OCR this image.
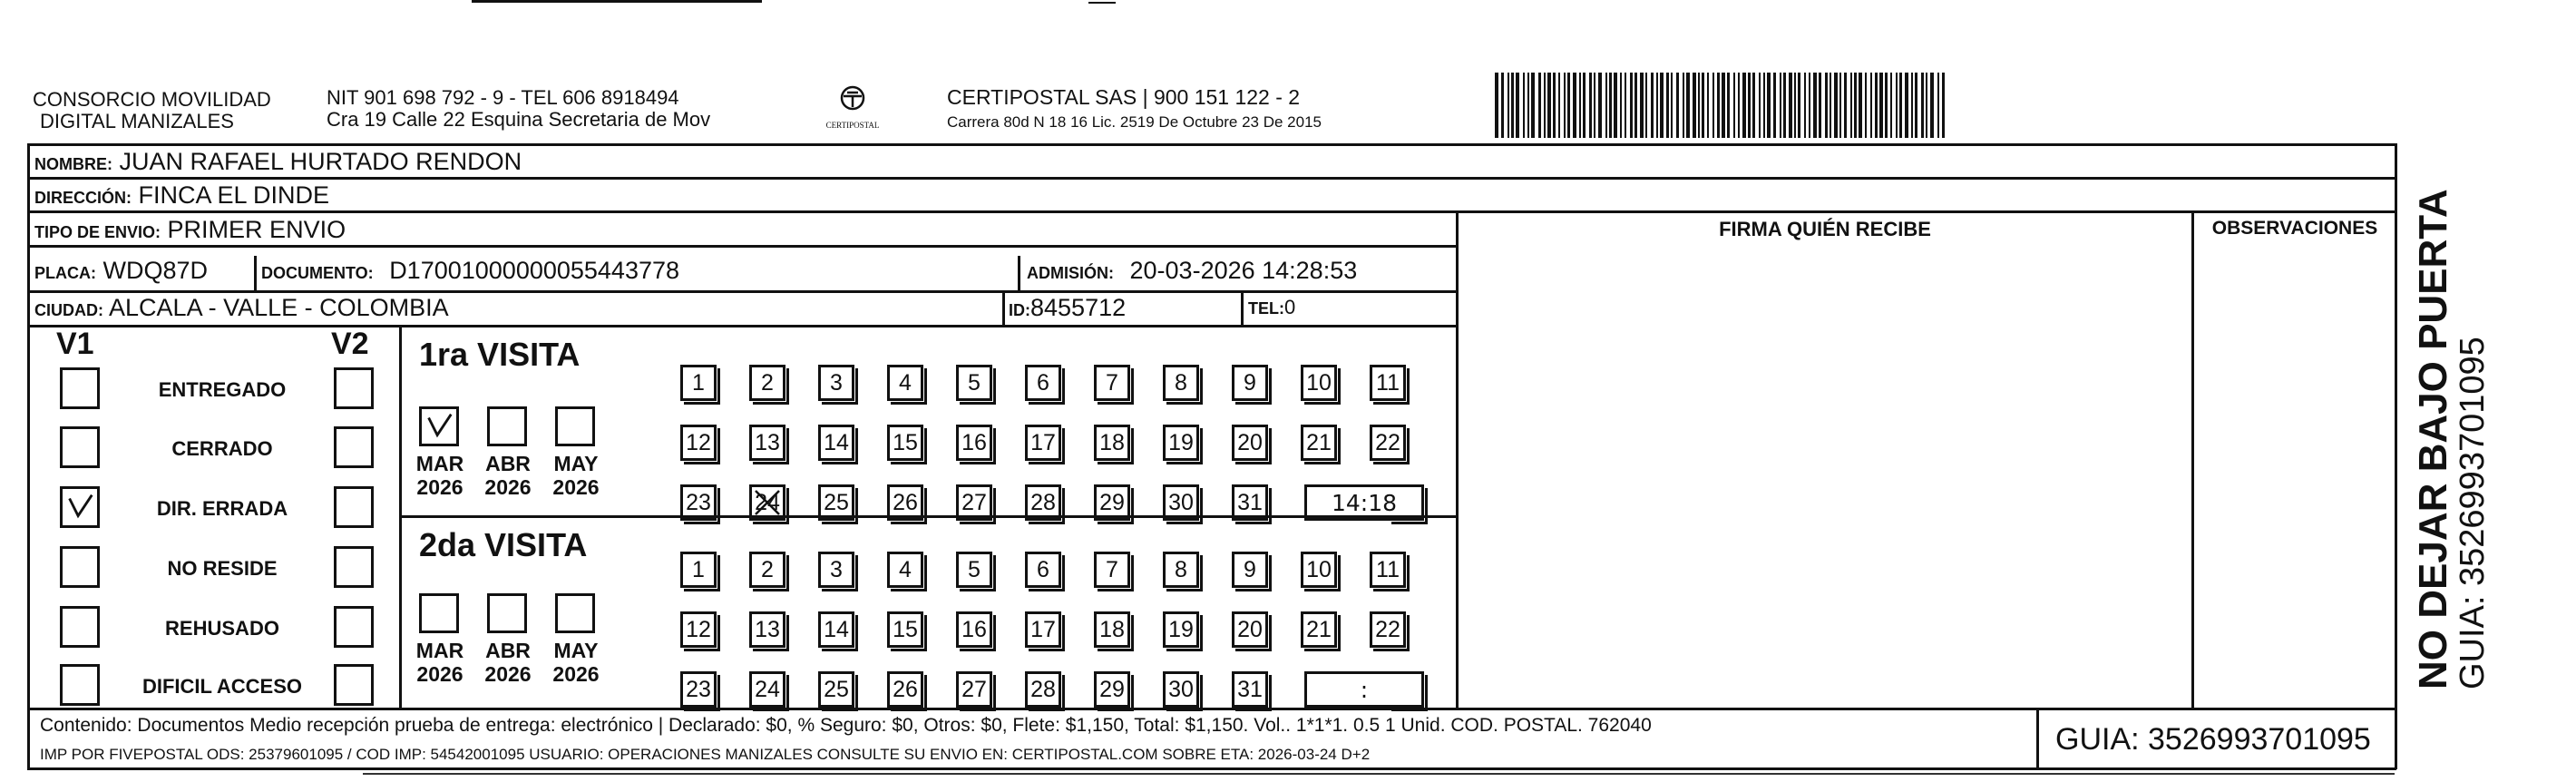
CONSORCIO MOVILIDAD
DIGITAL MANIZALES
NIT 901 698 792 - 9 - TEL 606 8918494
Cra 19 Calle 22 Esquina Secretaria de Mov	CERTIPOSTAL
CERTIPOSTAL SAS | 900 151 122 - 2
Carrera 80d N 18 16 Lic. 2519 De Octubre 23 De 2015
NOMBRE: JUAN RAFAEL HURTADO RENDON
DIRECCIÓN: FINCA EL DINDE
TIPO DE ENVIO: PRIMER ENVIO
PLACA: WDQ87D	DOCUMENTO: D17001000000055443778	ADMISIÓN: 20-03-2026 14:28:53
CIUDAD: ALCALA - VALLE - COLOMBIA	ID:8455712	TEL:0
FIRMA QUIÉN RECIBE	OBSERVACIONES
V1	V2
ENTREGADO
CERRADO
DIR. ERRADA
NO RESIDE
REHUSADO
DIFICIL ACCESO
1ra VISITA
MAR
2026
ABR
2026
MAY
2026
1	2	3	4	5	6	7	8	9	10 11
12 13 14 15 16 17 18 19 20 21 22
23 24 25 26 27 28 29 30 31	14:18
2da VISITA
MAR
2026
ABR
2026
MAY
2026
1	2	3	4	5	6	7	8	9	10 11
12 13 14 15 16 17 18 19 20 21 22
23 24 25 26 27 28 29 30 31	:
Contenido: Documentos Medio recepción prueba de entrega: electrónico | Declarado: $0, % Seguro: $0, Otros: $0, Flete: $1,150, Total: $1,150. Vol.. 1*1*1. 0.5 1 Unid. COD. POSTAL. 762040
IMP POR FIVEPOSTAL ODS: 25379601095 / COD IMP: 54542001095 USUARIO: OPERACIONES MANIZALES CONSULTE SU ENVIO EN: CERTIPOSTAL.COM SOBRE ETA: 2026-03-24 D+2	GUIA: 3526993701095
NO DEJAR BAJO PUERTA
GUIA: 3526993701095
